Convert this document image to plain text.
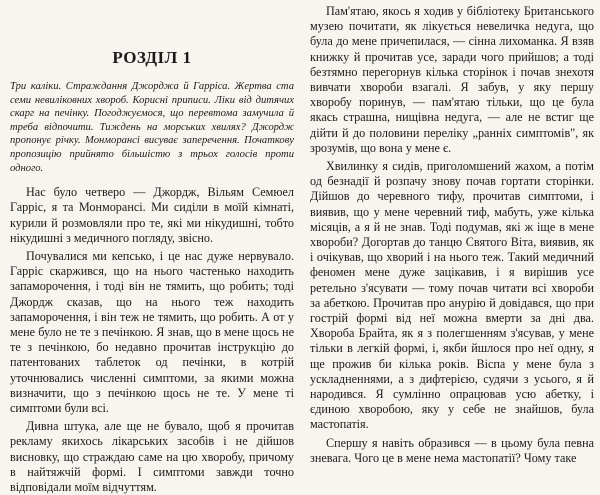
РОЗДІЛ 1
Три каліки. Страждання Джорджа й Гарріса. Жертва ста семи невиліковних хвороб. Корисні приписи. Ліки від дитячих скарг на печінку. Погоджуємося, що перевтома замучила й треба відпочити. Тиждень на морських хвилях? Джордж пропонує річку. Монморансі висуває заперечення. Початкову пропозицію прийнято більшістю з трьох голосів проти одного.

Нас було четверо — Джордж, Вільям Семюел Гарріс, я та Монморансі. Ми сиділи в моїй кімнаті, курили й розмовляли про те, які ми нікудишні, тобто нікудишні з медичного погляду, звісно.

Почувалися ми кепсько, і це нас дуже нервувало. Гарріс скаржився, що на нього частенько находить запаморочення, і тоді він не тямить, що робить; тоді Джордж сказав, що на нього теж находить запаморочення, і він теж не тямить, що робить. А от у мене було не те з печінкою. Я знав, що в мене щось не те з печінкою, бо недавно прочитав інструкцію до патентованих таблеток од печінки, в котрій уточнювались численні симптоми, за якими можна визначити, що з печінкою щось не те. У мене ті симптоми були всі.

Дивна штука, але ще не бувало, щоб я прочитав рекламу якихось лікарських засобів і не дійшов висновку, що страждаю саме на цю хворобу, причому в найтяжчій формі. І симптоми завжди точно відповідали моїм відчуттям.

Пам'ятаю, якось я ходив у бібліотеку Британського музею почитати, як лікується невеличка недуга, що була до мене причепилася, — сінна лихоманка. Я взяв книжку й прочитав усе, заради чого прийшов; а тоді безтямно перегорнув кілька сторінок і почав знехотя вивчати хвороби взагалі. Я забув, у яку першу хворобу поринув, — пам'ятаю тільки, що це була якась страшна, нищівна недуга, — але не встиг ще дійти й до половини переліку „ранніх симптомів", як зрозумів, що вона у мене є.

Хвилинку я сидів, приголомшений жахом, а потім од безнадії й розпачу знову почав гортати сторінки. Дійшов до черевного тифу, прочитав симптоми, і виявив, що у мене черевний тиф, мабуть, уже кілька місяців, а я й не знав. Тоді подумав, які ж іще в мене хвороби? Догортав до танцю Святого Віта, виявив, як і очікував, що хворий і на нього теж. Такий медичний феномен мене дуже зацікавив, і я вирішив усе ретельно з'ясувати — тому почав читати всі хвороби за абеткою. Прочитав про анурію й довідався, що при гострій формі від неї можна вмерти за дні два. Хвороба Брайта, як я з полегшенням з'ясував, у мене тільки в легкій формі, і, якби йшлося про неї одну, я ще прожив би кілька років. Віспа у мене була з ускладненнями, а з дифтерією, судячи з усього, я й народився. Я сумлінно опрацював усю абетку, і єдиною хворобою, яку у себе не знайшов, була мастопатія.

Спершу я навіть образився — в цьому була певна зневага. Чого це в мене нема мастопатії? Чому таке
